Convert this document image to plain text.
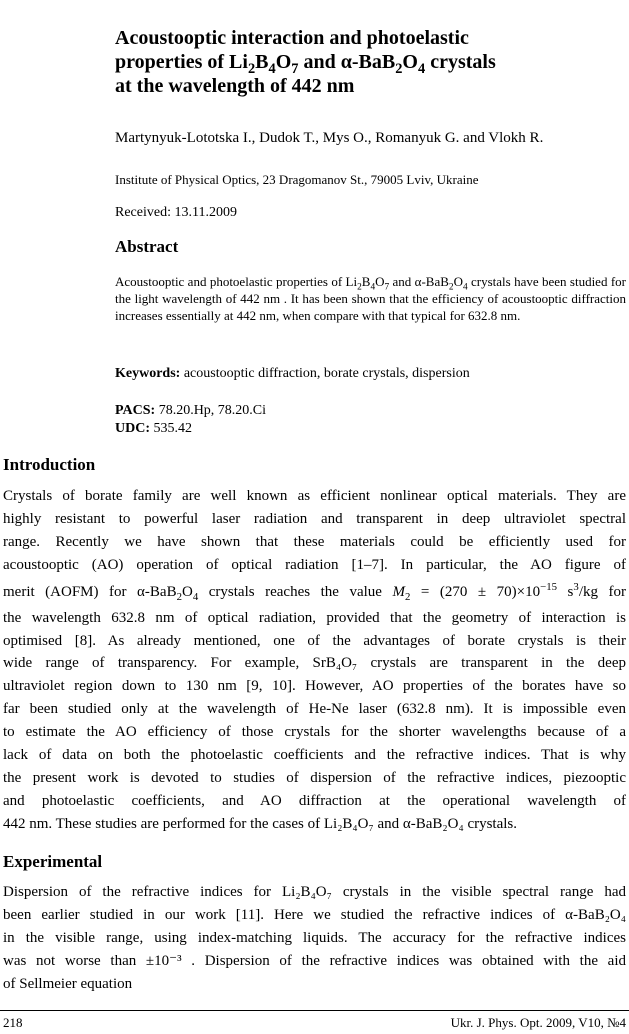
Acoustooptic interaction and photoelastic
properties of $Li_2B_4O_7$ and $\alpha-BaB_2O_4$ crystals
at the wavelength of 442 nm
Martynyuk-Lototska I., Dudok T., Mys O., Romanyuk G. and Vlokh R.
Institute of Physical Optics, 23 Dragomanov St., 79005 Lviv, Ukraine
Received: 13.11.2009
Abstract
Acoustooptic and photoelastic properties of $Li_2B_4O_7$ and $\alpha-BaB_2O_4$ crystals have been studied for the light wavelength of 442 nm . It has been shown that the efficiency of acoustooptic diffraction increases essentially at 442 nm, when compare with that typical for 632.8 nm.
Keywords: acoustooptic diffraction, borate crystals, dispersion
PACS: 78.20.Hp, 78.20.Ci
UDC: 535.42
Introduction
Crystals of borate family are well known as efficient nonlinear optical materials. They are
highly resistant to powerful laser radiation and transparent in deep ultraviolet spectral
range. Recently we have shown that these materials could be efficiently used for
acoustooptic (AO) operation of optical radiation [1–7]. In particular, the AO figure of
merit (AOFM) for $\alpha-BaB_2O_4$ crystals reaches the value $M_2 = (270 \pm 70)\times 10^{-15}$ $s^3/kg$ for
the wavelength 632.8 nm of optical radiation, provided that the geometry of interaction is
optimised [8]. As already mentioned, one of the advantages of borate crystals is their
wide range of transparency. For example, SrB₄O₇ crystals are transparent in the deep
ultraviolet region down to 130 nm [9, 10]. However, AO properties of the borates have so
far been studied only at the wavelength of He-Ne laser (632.8 nm). It is impossible even
to estimate the AO efficiency of those crystals for the shorter wavelengths because of a
lack of data on both the photoelastic coefficients and the refractive indices. That is why
the present work is devoted to studies of dispersion of the refractive indices, piezooptic
and photoelastic coefficients, and AO diffraction at the operational wavelength of
442 nm. These studies are performed for the cases of Li₂B₄O₇ and α-BaB₂O₄ crystals.
Experimental
Dispersion of the refractive indices for Li₂B₄O₇ crystals in the visible spectral range had
been earlier studied in our work [11]. Here we studied the refractive indices of α-BaB₂O₄
in the visible range, using index-matching liquids. The accuracy for the refractive indices
was not worse than ±10⁻³ . Dispersion of the refractive indices was obtained with the aid
of Sellmeier equation
218	Ukr. J. Phys. Opt. 2009, V10, №4
